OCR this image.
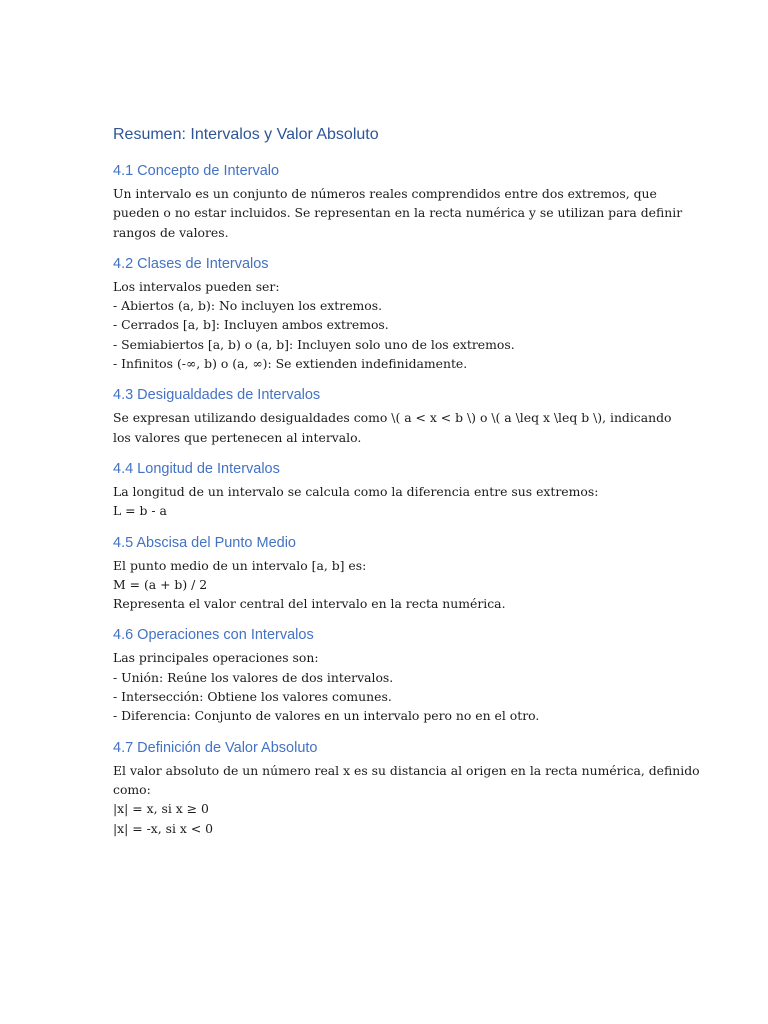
Resumen: Intervalos y Valor Absoluto
4.1 Concepto de Intervalo

Un intervalo es un conjunto de números reales comprendidos entre dos extremos, que

pueden o no estar incluidos. Se representan en la recta numérica y se utilizan para definir

rangos de valores.

4.2 Clases de Intervalos

Los intervalos pueden ser:

- Abiertos (a, b): No incluyen los extremos.

- Cerrados [a, b]: Incluyen ambos extremos.

- Semiabiertos [a, b) o (a, b]: Incluyen solo uno de los extremos.

- Infinitos (-∞, b) o (a, ∞): Se extienden indefinidamente.

4.3 Desigualdades de Intervalos

Se expresan utilizando desigualdades como \( a < x < b \) o \( a \leq x \leq b \), indicando

los valores que pertenecen al intervalo.

4.4 Longitud de Intervalos

La longitud de un intervalo se calcula como la diferencia entre sus extremos:

L = b - a

4.5 Abscisa del Punto Medio

El punto medio de un intervalo [a, b] es:

M = (a + b) / 2

Representa el valor central del intervalo en la recta numérica.

4.6 Operaciones con Intervalos

Las principales operaciones son:

- Unión: Reúne los valores de dos intervalos.

- Intersección: Obtiene los valores comunes.

- Diferencia: Conjunto de valores en un intervalo pero no en el otro.

4.7 Definición de Valor Absoluto

El valor absoluto de un número real x es su distancia al origen en la recta numérica, definido

como:

|x| = x, si x ≥ 0

|x| = -x, si x < 0
